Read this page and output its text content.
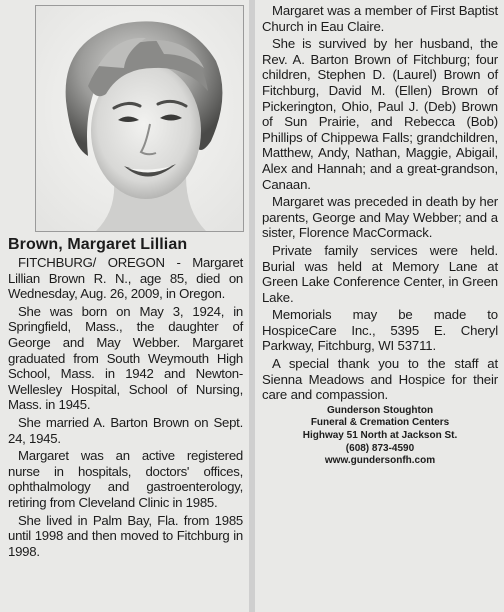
Brown, Margaret Lillian

FITCHBURG/ OREGON - Margaret Lillian Brown R. N., age 85, died on Wednesday, Aug. 26, 2009, in Oregon.

She was born on May 3, 1924, in Springfield, Mass., the daughter of George and May Webber. Margaret graduated from South Weymouth High School, Mass. in 1942 and Newton-Wellesley Hospital, School of Nursing, Mass. in 1945.

She married A. Barton Brown on Sept. 24, 1945.

Margaret was an active registered nurse in hospitals, doctors' offices, ophthalmology and gastroenterology, retiring from Cleveland Clinic in 1985.

She lived in Palm Bay, Fla. from 1985 until 1998 and then moved to Fitchburg in 1998.

Margaret was a member of First Baptist Church in Eau Claire.

She is survived by her husband, the Rev. A. Barton Brown of Fitchburg; four children, Stephen D. (Laurel) Brown of Fitchburg, David M. (Ellen) Brown of Pickerington, Ohio, Paul J. (Deb) Brown of Sun Prairie, and Rebecca (Bob) Phillips of Chippewa Falls; grandchildren, Matthew, Andy, Nathan, Maggie, Abigail, Alex and Hannah; and a great-grandson, Canaan.

Margaret was preceded in death by her parents, George and May Webber; and a sister, Florence MacCormack.

Private family services were held. Burial was held at Memory Lane at Green Lake Conference Center, in Green Lake.

Memorials may be made to HospiceCare Inc., 5395 E. Cheryl Parkway, Fitchburg, WI 53711.

A special thank you to the staff at Sienna Meadows and Hospice for their care and compassion.

Gunderson Stoughton
Funeral & Cremation Centers
Highway 51 North at Jackson St.
(608) 873-4590
www.gundersonfh.com
